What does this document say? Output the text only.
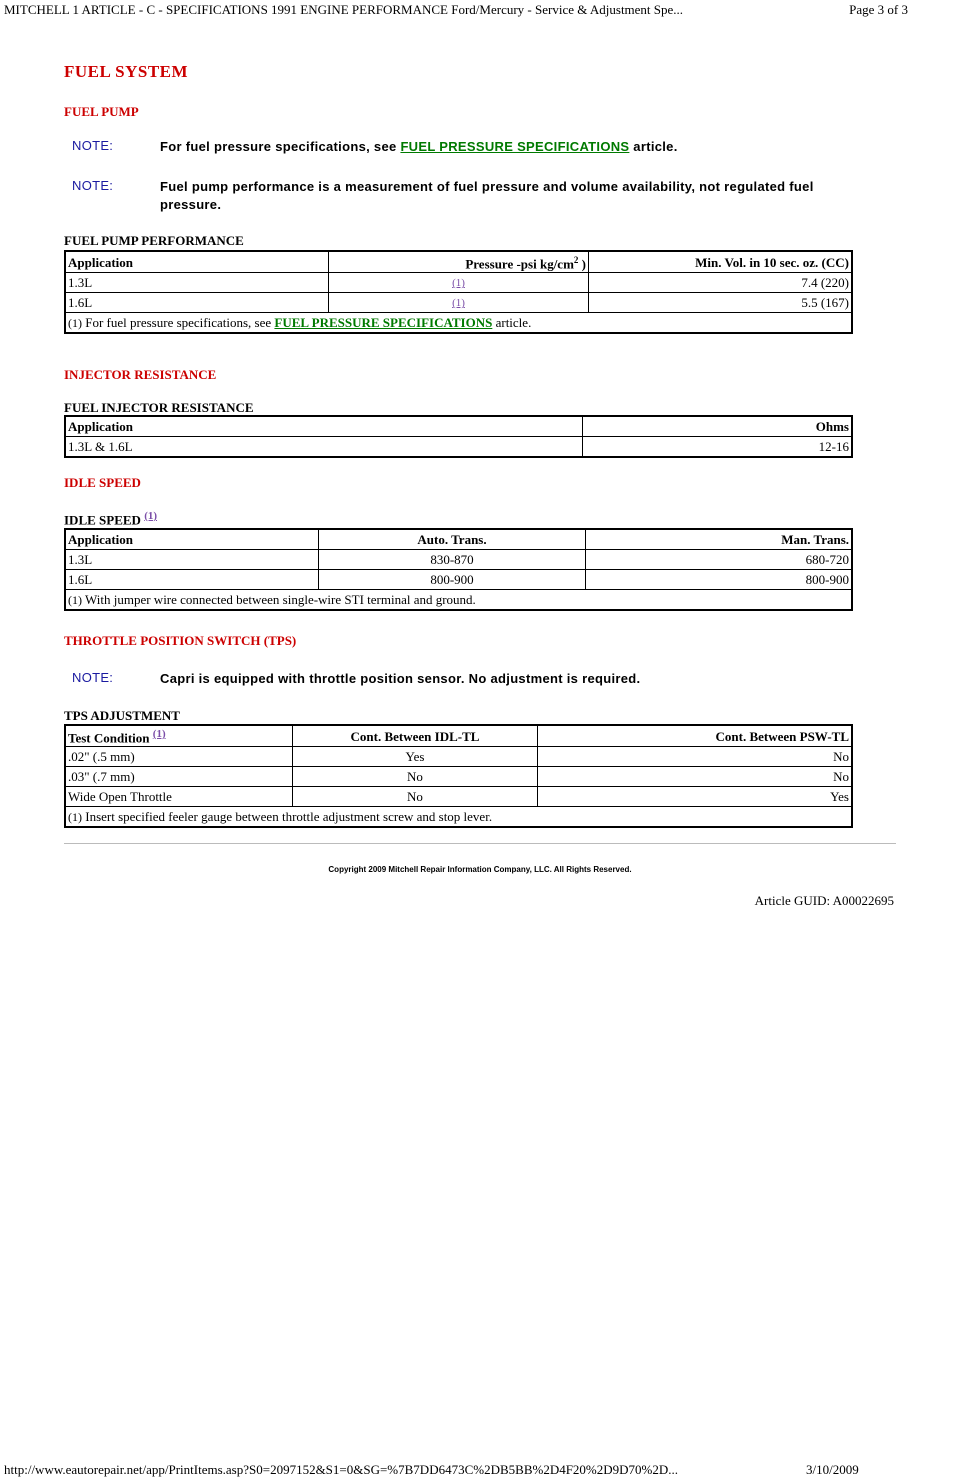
MITCHELL 1 ARTICLE - C - SPECIFICATIONS 1991 ENGINE PERFORMANCE Ford/Mercury - Service & Adjustment Spe...	Page 3 of 3
FUEL SYSTEM
FUEL PUMP
NOTE:	For fuel pressure specifications, see FUEL PRESSURE SPECIFICATIONS article.
NOTE:	Fuel pump performance is a measurement of fuel pressure and volume availability, not regulated fuel pressure.
FUEL PUMP PERFORMANCE
Application	Pressure -psi $kg/cm^2$ )	Min. Vol. in 10 sec. oz. (CC)
1.3L	(1)	7.4 (220)
1.6L	(1)	5.5 (167)
(1) For fuel pressure specifications, see FUEL PRESSURE SPECIFICATIONS article.		
INJECTOR RESISTANCE
FUEL INJECTOR RESISTANCE
Application	Ohms
1.3L & 1.6L	12-16
IDLE SPEED
IDLE SPEED $^{(1)}$
Application	Auto. Trans.	Man. Trans.
1.3L	830-870	680-720
1.6L	800-900	800-900
(1) With jumper wire connected between single-wire STI terminal and ground.		
THROTTLE POSITION SWITCH (TPS)
NOTE:	Capri is equipped with throttle position sensor. No adjustment is required.
TPS ADJUSTMENT
Test Condition $^{(1)}$	Cont. Between IDL-TL	Cont. Between PSW-TL
.02" (.5 mm)	Yes	No
.03" (.7 mm)	No	No
Wide Open Throttle	No	Yes
(1) Insert specified feeler gauge between throttle adjustment screw and stop lever.		
Copyright 2009 Mitchell Repair Information Company, LLC. All Rights Reserved.
Article GUID: A00022695
http://www.eautorepair.net/app/PrintItems.asp?S0=2097152&S1=0&SG=%7B7DD6473C%2DB5BB%2D4F20%2D9D70%2D...	3/10/2009
